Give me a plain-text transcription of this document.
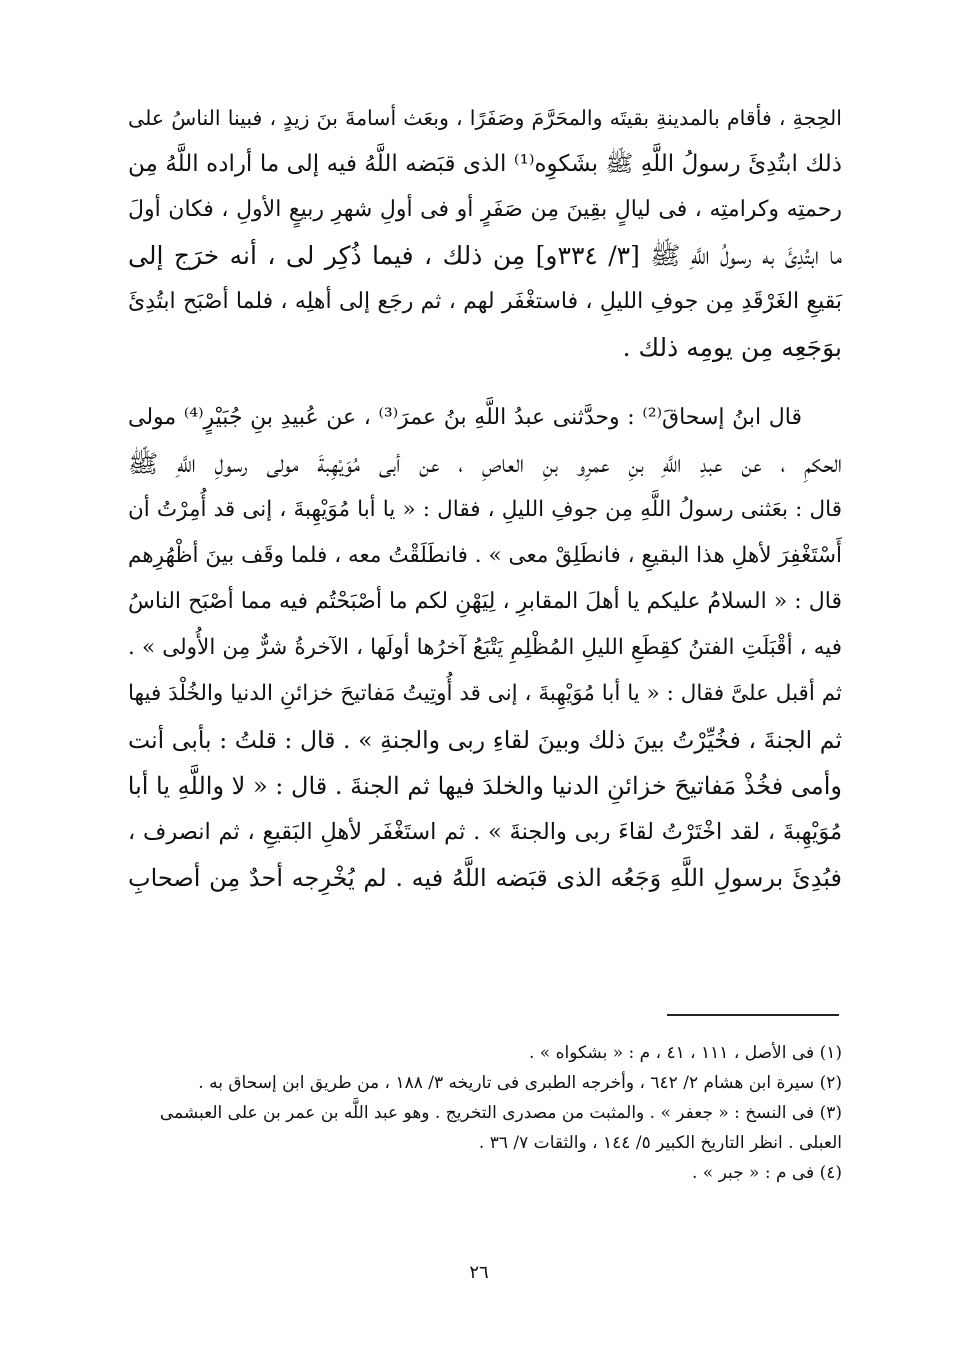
الحِجةِ ، فأقام بالمدينةِ بقيتَه والمحَرَّمَ وصَفَرًا ، وبعَث أسامةَ بنَ زيدٍ ، فبينا الناسُ على
ذلك ابتُدِئَ رسولُ اللَّهِ ﷺ بشَكوِه⁽¹⁾ الذى قبَضه اللَّهُ فيه إلى ما أراده اللَّهُ مِن
رحمتِه وكرامتِه ، فى ليالٍ بقِينَ مِن صَفَرٍ أو فى أولِ شهرِ ربيعٍ الأولِ ، فكان أولَ
ما ابتُدِئَ به رسولُ اللَّهِ ﷺ [٣/ ٣٣٤و] مِن ذلك ، فيما ذُكِر لى ، أنه خرَج إلى
بَقيعِ الغَرْقَدِ مِن جوفِ الليلِ ، فاستغْفَر لهم ، ثم رجَع إلى أهلِه ، فلما أصْبَح ابتُدِئَ
بوَجَعِه مِن يومِه ذلك .

قال ابنُ إسحاقَ⁽²⁾ : وحدَّثنى عبدُ اللَّهِ بنُ عمرَ⁽³⁾ ، عن عُبيدِ بنِ جُبَيْرٍ⁽⁴⁾ مولى
الحكمِ ، عن عبدِ اللَّهِ بنِ عمرِو بنِ العاصِ ، عن أبى مُوَيْهِبةَ مولى رسولِ اللَّهِ ﷺ
قال : بعَثنى رسولُ اللَّهِ مِن جوفِ الليلِ ، فقال : « يا أبا مُوَيْهِبةَ ، إنى قد أُمِرْتُ أن
أَسْتَغْفِرَ لأهلِ هذا البقيعِ ، فانطَلِقْ معى » . فانطَلَقْتُ معه ، فلما وقَف بينَ أظْهُرِهم
قال : « السلامُ عليكم يا أهلَ المقابرِ ، لِيَهْنِ لكم ما أصْبَحْتُم فيه مما أصْبَح الناسُ
فيه ، أقْبَلَتِ الفتنُ كقِطَعِ الليلِ المُظْلِمِ يَتْبَعُ آخرُها أولَها ، الآخرةُ شرٌّ مِن الأُولى » .
ثم أقبل علىَّ فقال : « يا أبا مُوَيْهِبةَ ، إنى قد أُوتِيتُ مَفاتيحَ خزائنِ الدنيا والخُلْدَ فيها
ثم الجنةَ ، فخُيِّرْتُ بينَ ذلك وبينَ لقاءِ ربى والجنةِ » . قال : قلتُ : بأبى أنت
وأمى فخُذْ مَفاتيحَ خزائنِ الدنيا والخلدَ فيها ثم الجنةَ . قال : « لا واللَّهِ يا أبا
مُوَيْهِبةَ ، لقد اخْتَرْتُ لقاءَ ربى والجنةَ » . ثم استَغْفَر لأهلِ البَقيعِ ، ثم انصرف ،
فبُدِئَ برسولِ اللَّهِ وَجَعُه الذى قبَضه اللَّهُ فيه . لم يُخْرِجه أحدٌ مِن أصحابِ

(١) فى الأصل ، ١١١ ، ٤١ ، م : « بشكواه » .
(٢) سيرة ابن هشام ٢/ ٦٤٢ ، وأخرجه الطبرى فى تاريخه ٣/ ١٨٨ ، من طريق ابن إسحاق به .
(٣) فى النسخ : « جعفر » . والمثبت من مصدرى التخريج . وهو عبد اللَّه بن عمر بن على العبشمى
العبلى . انظر التاريخ الكبير ٥/ ١٤٤ ، والثقات ٧/ ٣٦ .
(٤) فى م : « جبر » .
٢٦
